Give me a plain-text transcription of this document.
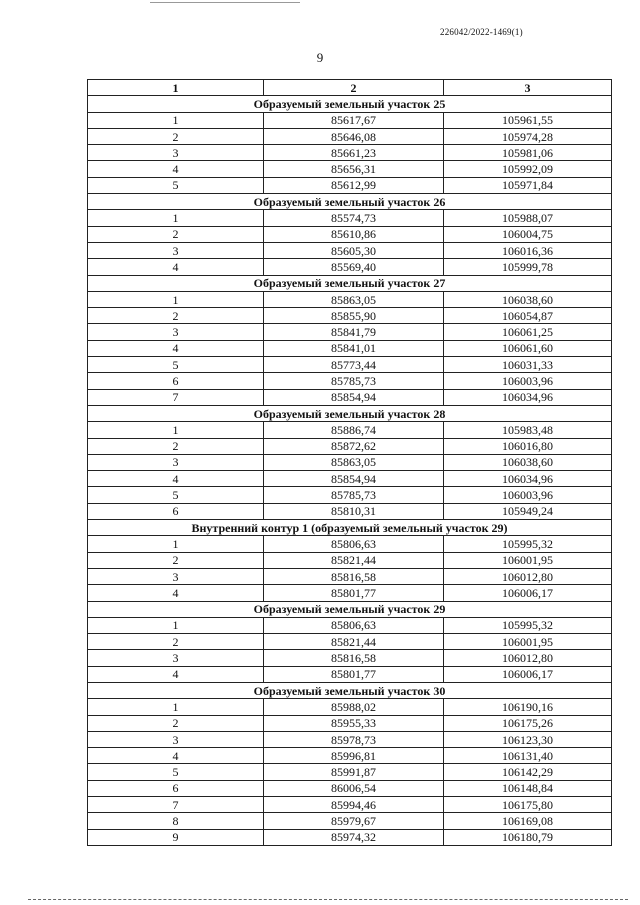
226042/2022-1469(1)
9
1	2	3
Образуемый земельный участок 25		
1	85617,67	105961,55
2	85646,08	105974,28
3	85661,23	105981,06
4	85656,31	105992,09
5	85612,99	105971,84
Образуемый земельный участок 26		
1	85574,73	105988,07
2	85610,86	106004,75
3	85605,30	106016,36
4	85569,40	105999,78
Образуемый земельный участок 27		
1	85863,05	106038,60
2	85855,90	106054,87
3	85841,79	106061,25
4	85841,01	106061,60
5	85773,44	106031,33
6	85785,73	106003,96
7	85854,94	106034,96
Образуемый земельный участок 28		
1	85886,74	105983,48
2	85872,62	106016,80
3	85863,05	106038,60
4	85854,94	106034,96
5	85785,73	106003,96
6	85810,31	105949,24
Внутренний контур 1 (образуемый земельный участок 29)		
1	85806,63	105995,32
2	85821,44	106001,95
3	85816,58	106012,80
4	85801,77	106006,17
Образуемый земельный участок 29		
1	85806,63	105995,32
2	85821,44	106001,95
3	85816,58	106012,80
4	85801,77	106006,17
Образуемый земельный участок 30		
1	85988,02	106190,16
2	85955,33	106175,26
3	85978,73	106123,30
4	85996,81	106131,40
5	85991,87	106142,29
6	86006,54	106148,84
7	85994,46	106175,80
8	85979,67	106169,08
9	85974,32	106180,79
